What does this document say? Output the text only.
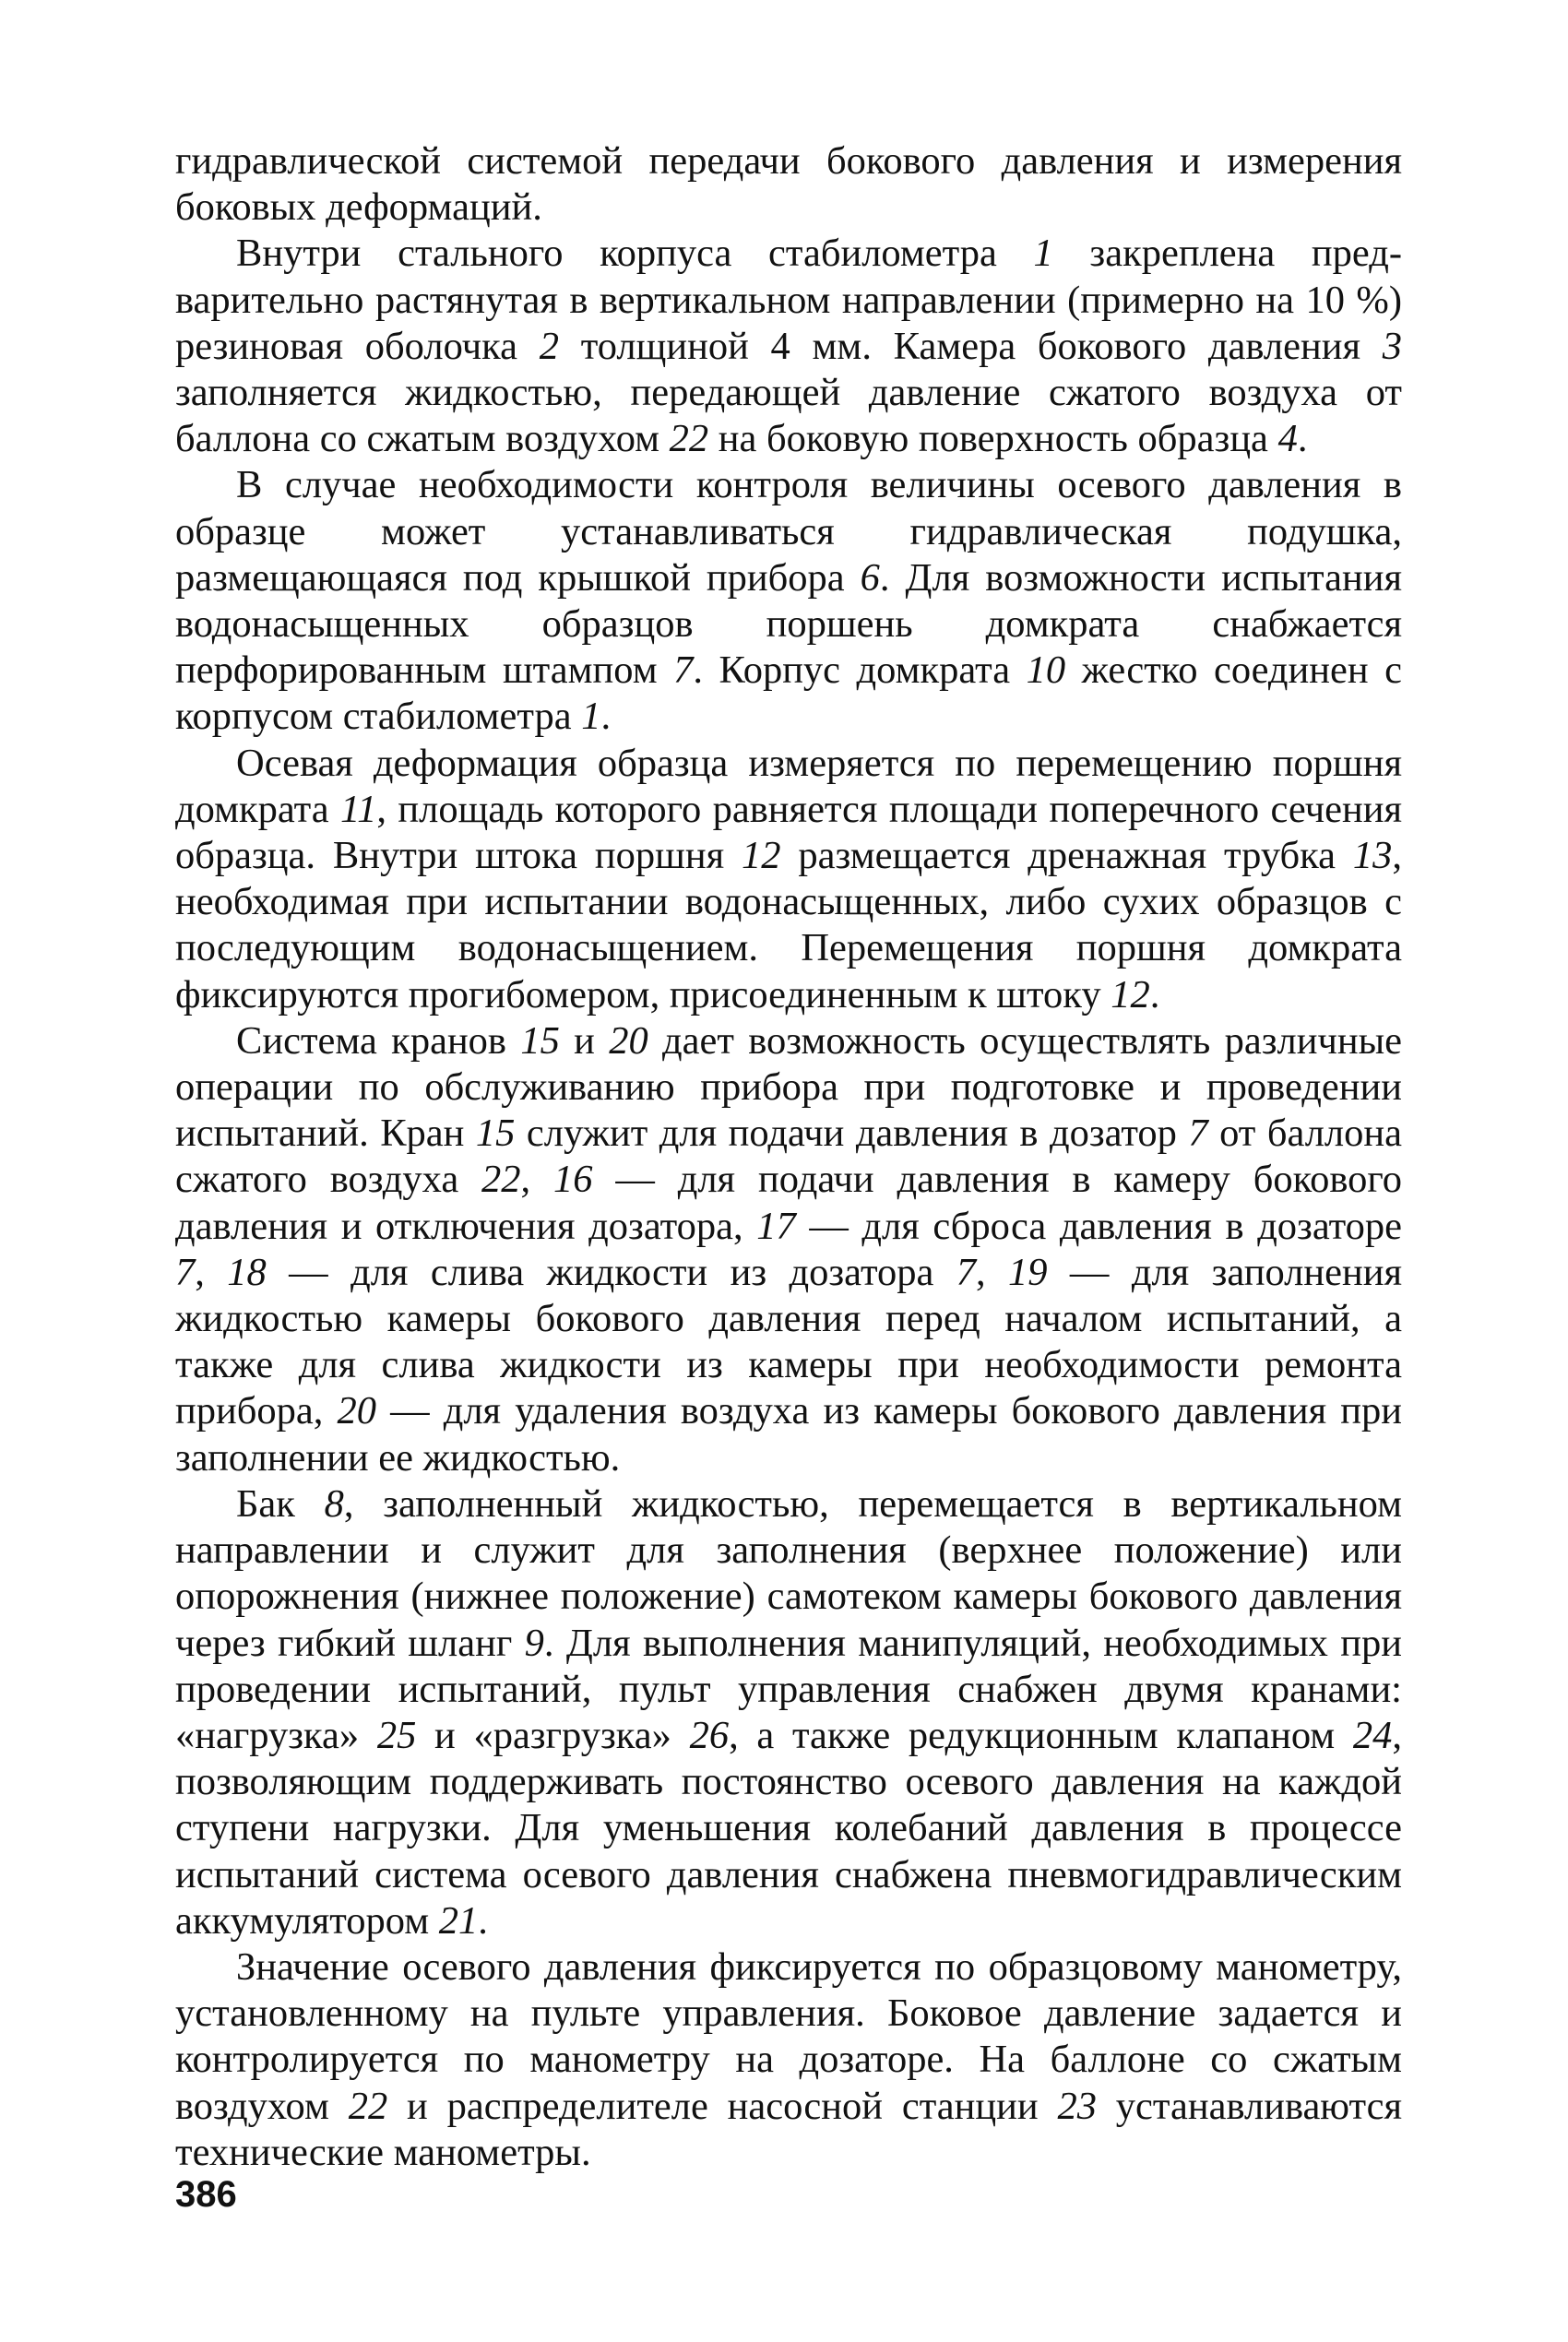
гидравлической системой передачи бокового давления и измерения боковых деформаций.

Внутри стального корпуса стабилометра 1 закреплена предварительно растянутая в вертикальном направлении (примерно на 10 %) резиновая оболочка 2 толщиной 4 мм. Камера бокового давления 3 заполняется жидкостью, передающей давление сжатого воздуха от баллона со сжатым воздухом 22 на боковую поверхность образца 4.

В случае необходимости контроля величины осевого давления в образце может устанавливаться гидравлическая подушка, размещающаяся под крышкой прибора 6. Для возможности испытания водонасыщенных образцов поршень домкрата снабжается перфорированным штампом 7. Корпус домкрата 10 жестко соединен с корпусом стабилометра 1.

Осевая деформация образца измеряется по перемещению поршня домкрата 11, площадь которого равняется площади поперечного сечения образца. Внутри штока поршня 12 размещается дренажная трубка 13, необходимая при испытании водонасыщенных, либо сухих образцов с последующим водонасыщением. Перемещения поршня домкрата фиксируются прогибомером, присоединенным к штоку 12.

Система кранов 15 и 20 дает возможность осуществлять различные операции по обслуживанию прибора при подготовке и проведении испытаний. Кран 15 служит для подачи давления в дозатор 7 от баллона сжатого воздуха 22, 16 — для подачи давления в камеру бокового давления и отключения дозатора, 17 — для сброса давления в дозаторе 7, 18 — для слива жидкости из дозатора 7, 19 — для заполнения жидкостью камеры бокового давления перед началом испытаний, а также для слива жидкости из камеры при необходимости ремонта прибора, 20 — для удаления воздуха из камеры бокового давления при заполнении ее жидкостью.

Бак 8, заполненный жидкостью, перемещается в вертикальном направлении и служит для заполнения (верхнее положение) или опорожнения (нижнее положение) самотеком камеры бокового давления через гибкий шланг 9. Для выполнения манипуляций, необходимых при проведении испытаний, пульт управления снабжен двумя кранами: «нагрузка» 25 и «разгрузка» 26, а также редукционным клапаном 24, позволяющим поддерживать постоянство осевого давления на каждой ступени нагрузки. Для уменьшения колебаний давления в процессе испытаний система осевого давления снабжена пневмогидравлическим аккумулятором 21.

Значение осевого давления фиксируется по образцовому манометру, установленному на пульте управления. Боковое давление задается и контролируется по манометру на дозаторе. На баллоне со сжатым воздухом 22 и распределителе насосной станции 23 устанавливаются технические манометры.

386
